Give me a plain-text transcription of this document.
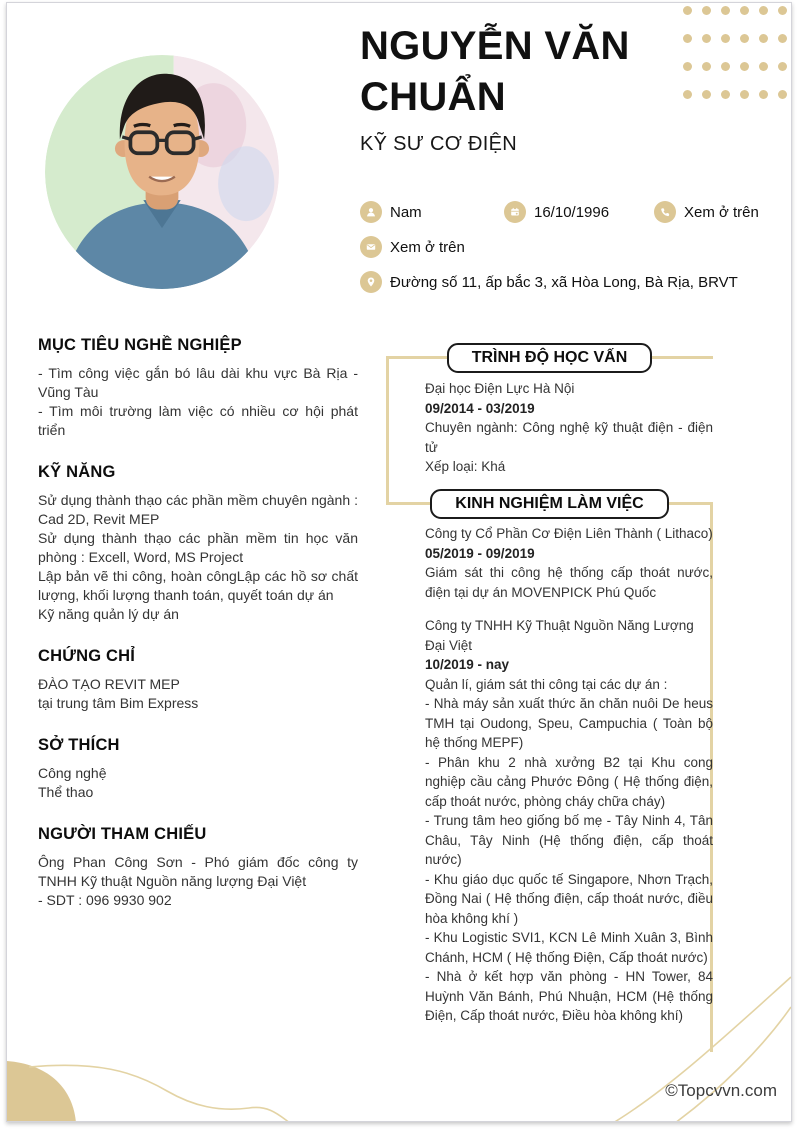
NGUYỄN VĂN CHUẨN
KỸ SƯ CƠ ĐIỆN
Nam	16/10/1996	Xem ở trên
Xem ở trên
Đường số 11, ấp bắc 3, xã Hòa Long, Bà Rịa, BRVT
MỤC TIÊU NGHỀ NGHIỆP

- Tìm công việc gắn bó lâu dài khu vực Bà Rịa - Vũng Tàu

- Tìm môi trường làm việc có nhiều cơ hội phát triển

KỸ NĂNG

Sử dụng thành thạo các phần mềm chuyên ngành : Cad 2D, Revit MEP

Sử dụng thành thạo các phần mềm tin học văn phòng : Excell, Word, MS Project

Lập bản vẽ thi công, hoàn côngLập các hồ sơ chất lượng, khối lượng thanh toán, quyết toán dự án

Kỹ năng quản lý dự án

CHỨNG CHỈ

ĐÀO TẠO REVIT MEP

tại trung tâm Bim Express

SỞ THÍCH

Công nghệ

Thể thao

NGƯỜI THAM CHIẾU

Ông Phan Công Sơn - Phó giám đốc công ty TNHH Kỹ thuật Nguồn năng lượng Đại Việt

- SDT : 096 9930 902

TRÌNH ĐỘ HỌC VẤN

Đại học Điện Lực Hà Nội

09/2014 - 03/2019

Chuyên ngành: Công nghệ kỹ thuật điện - điện tử

Xếp loại: Khá

KINH NGHIỆM LÀM VIỆC

Công ty Cổ Phần Cơ Điện Liên Thành ( Lithaco)

05/2019 - 09/2019

Giám sát thi công hệ thống cấp thoát nước, điện tại dự án MOVENPICK Phú Quốc

Công ty TNHH Kỹ Thuật Nguồn Năng Lượng Đại Việt

10/2019 - nay

Quản lí, giám sát thi công tại các dự án :

- Nhà máy sản xuất thức ăn chăn nuôi De heus TMH tại Oudong, Speu, Campuchia ( Toàn bộ hệ thống MEPF)

- Phân khu 2 nhà xưởng B2 tại Khu cong nghiệp cầu cảng Phước Đông ( Hệ thống điện, cấp thoát nước, phòng cháy chữa cháy)

- Trung tâm heo giống bố mẹ - Tây Ninh 4, Tân Châu, Tây Ninh (Hệ thống điện, cấp thoát nước)

- Khu giáo dục quốc tế Singapore, Nhơn Trạch, Đồng Nai ( Hệ thống điện, cấp thoát nước, điều hòa không khí )

- Khu Logistic SVI1, KCN Lê Minh Xuân 3, Bình Chánh, HCM ( Hệ thống Điện, Cấp thoát nước)

- Nhà ở kết hợp văn phòng - HN Tower, 84 Huỳnh Văn Bánh, Phú Nhuận, HCM (Hệ thống Điện, Cấp thoát nước, Điều hòa không khí)

©Topcvvn.com
